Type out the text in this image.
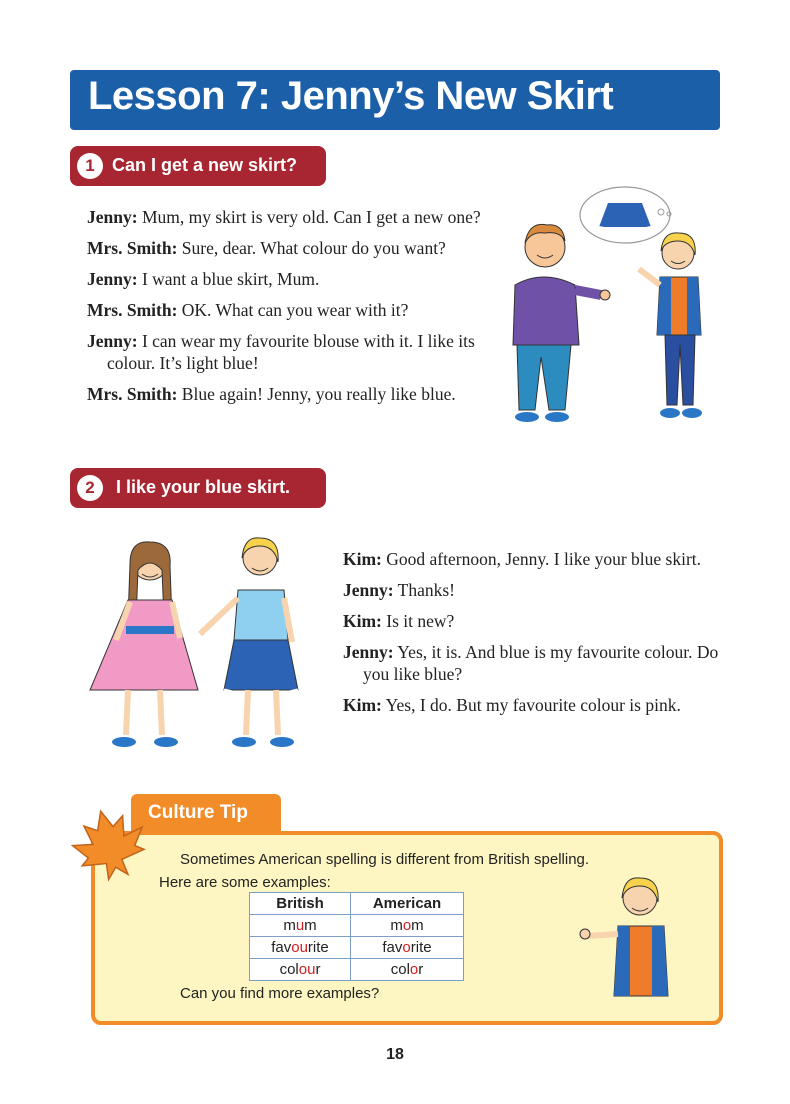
Lesson 7: Jenny’s New Skirt
1 Can I get a new skirt?

Jenny: Mum, my skirt is very old. Can I get a new one?

Mrs. Smith: Sure, dear. What colour do you want?

Jenny: I want a blue skirt, Mum.

Mrs. Smith: OK. What can you wear with it?

Jenny: I can wear my favourite blouse with it. I like its colour. It’s light blue!

Mrs. Smith: Blue again! Jenny, you really like blue.

2	I like your blue skirt.

Kim: Good afternoon, Jenny. I like your blue skirt.

Jenny: Thanks!

Kim: Is it new?

Jenny: Yes, it is. And blue is my favourite colour. Do you like blue?

Kim: Yes, I do. But my favourite colour is pink.

Culture Tip
Sometimes American spelling is different from British spelling.
Here are some examples:
British	American
mum	mom
favourite	favorite
colour	color
Can you find more examples?
18
